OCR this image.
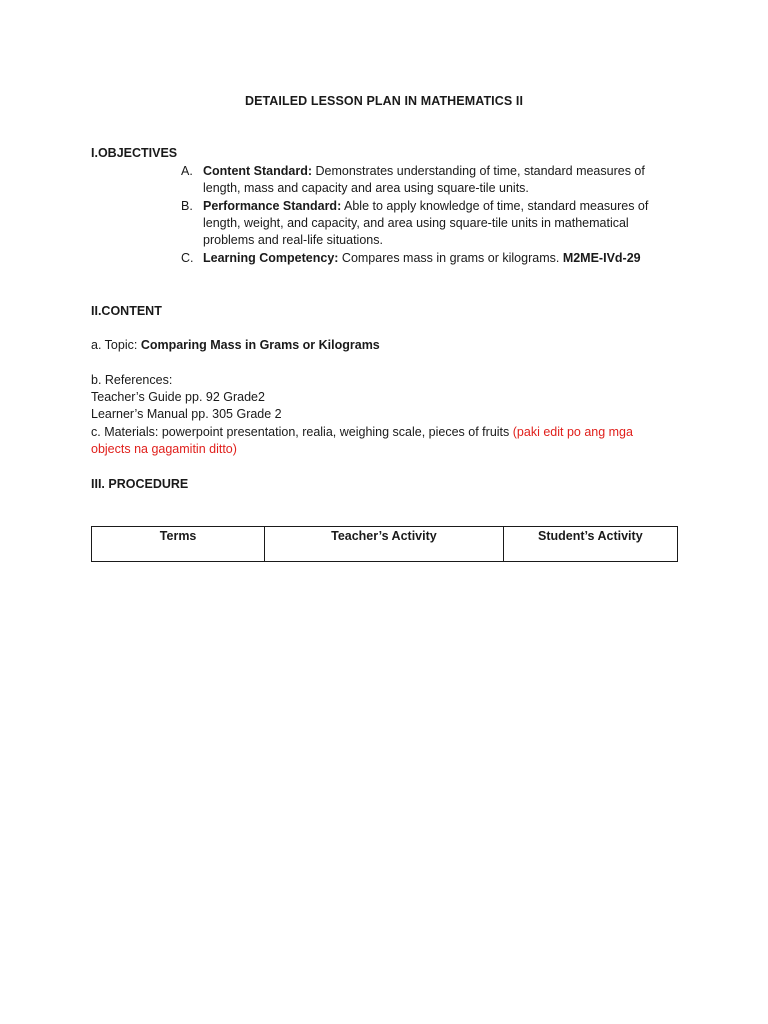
DETAILED LESSON PLAN IN MATHEMATICS II
I.OBJECTIVES
A. Content Standard: Demonstrates understanding of time, standard measures of length, mass and capacity and area using square-tile units.
B. Performance Standard: Able to apply knowledge of time, standard measures of length, weight, and capacity, and area using square-tile units in mathematical problems and real-life situations.
C. Learning Competency: Compares mass in grams or kilograms. M2ME-IVd-29
II.CONTENT
a. Topic: Comparing Mass in Grams or Kilograms
b. References:
Teacher’s Guide pp. 92 Grade2
Learner’s Manual pp. 305 Grade 2
c. Materials: powerpoint presentation, realia, weighing scale, pieces of fruits (paki edit po ang mga
objects na gagamitin ditto)
III. PROCEDURE
Terms	Teacher’s Activity	Student’s Activity
